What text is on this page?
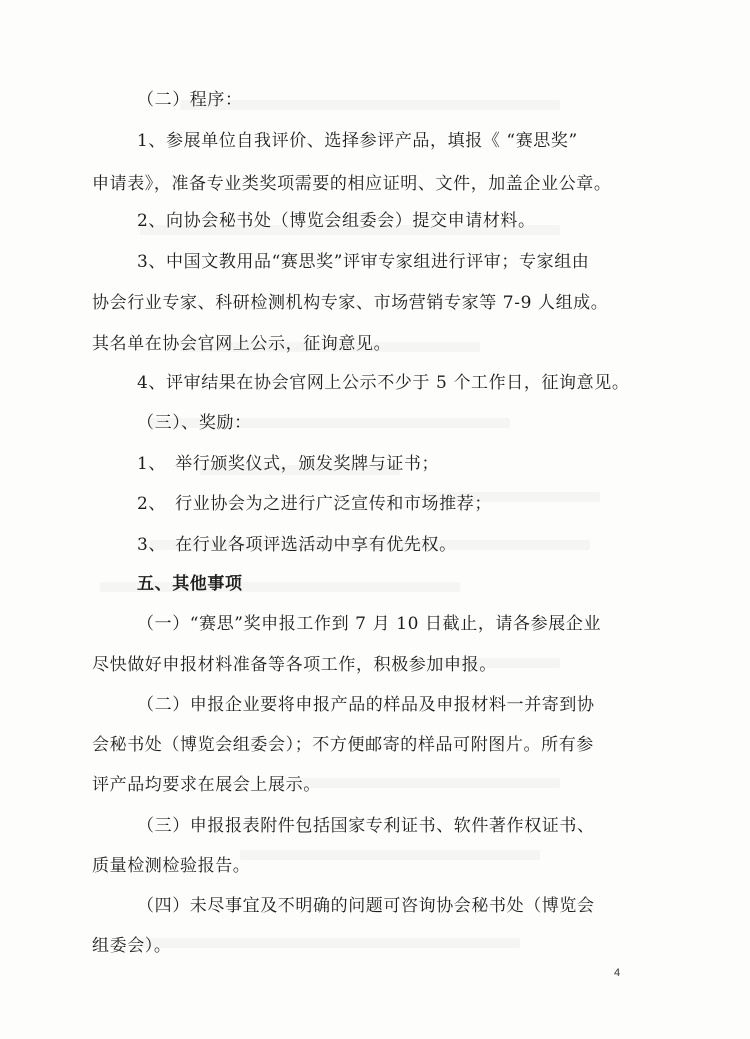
（二）程序：
1、参展单位自我评价、选择参评产品，填报《 “赛思奖”
申请表》，准备专业类奖项需要的相应证明、文件，加盖企业公章。
2、向协会秘书处（博览会组委会）提交申请材料。
3、中国文教用品“赛思奖”评审专家组进行评审；专家组由
协会行业专家、科研检测机构专家、市场营销专家等 7-9 人组成。
其名单在协会官网上公示，征询意见。
4、评审结果在协会官网上公示不少于 5 个工作日，征询意见。
（三）、奖励：
1、　举行颁奖仪式，颁发奖牌与证书；
2、　行业协会为之进行广泛宣传和市场推荐；
3、　在行业各项评选活动中享有优先权。
五、其他事项
（一）“赛思”奖申报工作到 7 月 10 日截止，请各参展企业
尽快做好申报材料准备等各项工作，积极参加申报。
（二）申报企业要将申报产品的样品及申报材料一并寄到协
会秘书处（博览会组委会）；不方便邮寄的样品可附图片。所有参
评产品均要求在展会上展示。
（三）申报报表附件包括国家专利证书、软件著作权证书、
质量检测检验报告。
（四）未尽事宜及不明确的问题可咨询协会秘书处（博览会
组委会）。
4
